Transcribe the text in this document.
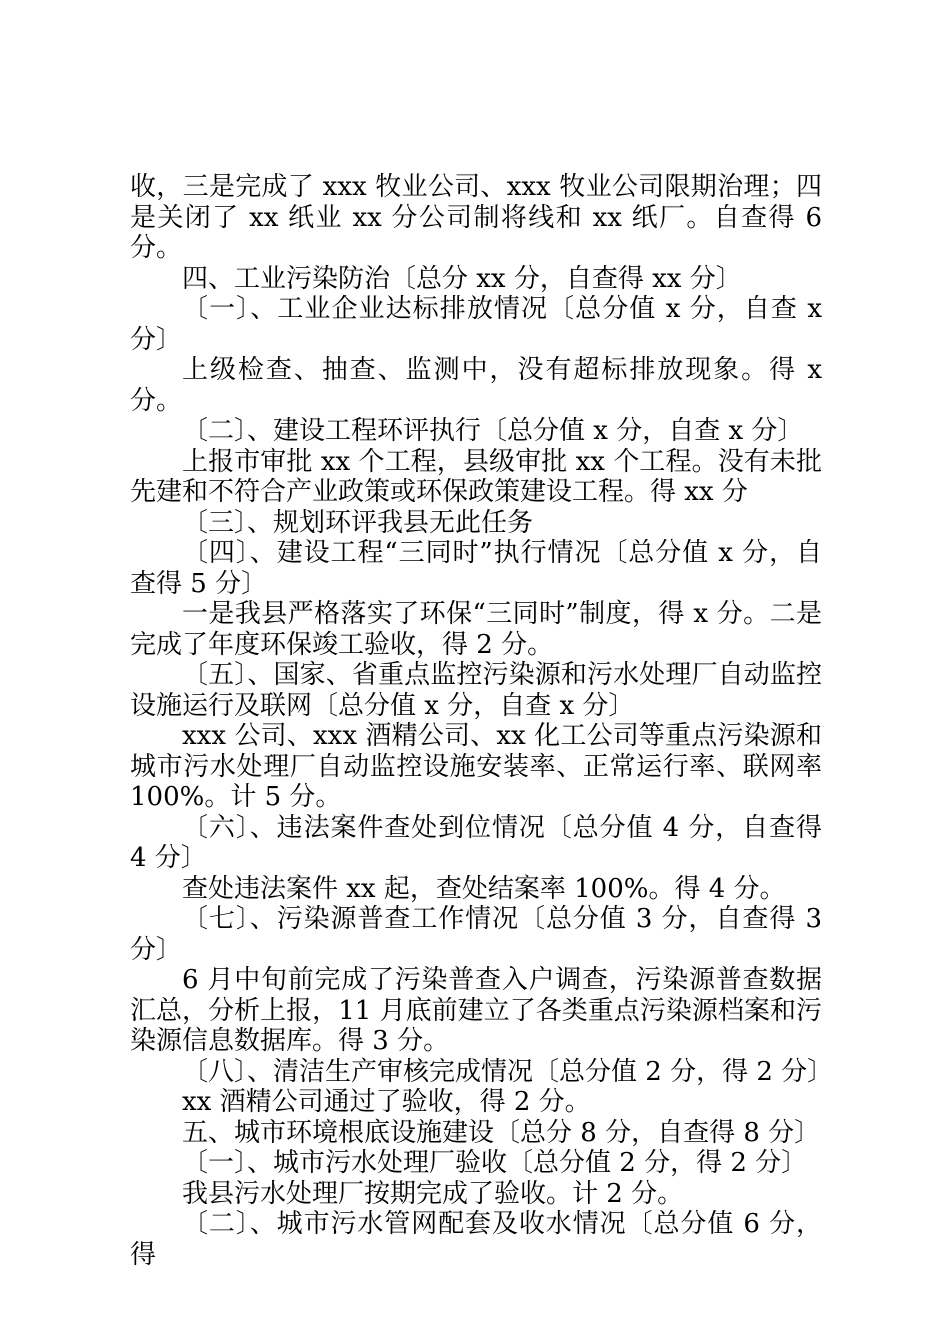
收，三是完成了 xxx 牧业公司、xxx 牧业公司限期治理；四是关闭了 xx 纸业 xx 分公司制将线和 xx 纸厂。自查得 6 分。

四、工业污染防治〔总分 xx 分，自查得 xx 分〕

〔一〕、工业企业达标排放情况〔总分值 x 分，自查 x 分〕

上级检查、抽查、监测中，没有超标排放现象。得 x 分。

〔二〕、建设工程环评执行〔总分值 x 分，自查 x 分〕

上报市审批 xx 个工程，县级审批 xx 个工程。没有未批先建和不符合产业政策或环保政策建设工程。得 xx 分

〔三〕、规划环评我县无此任务

〔四〕、建设工程“三同时”执行情况〔总分值 x 分，自查得 5 分〕

一是我县严格落实了环保“三同时”制度，得 x 分。二是完成了年度环保竣工验收，得 2 分。

〔五〕、国家、省重点监控污染源和污水处理厂自动监控设施运行及联网〔总分值 x 分，自查 x 分〕

xxx 公司、xxx 酒精公司、xx 化工公司等重点污染源和城市污水处理厂自动监控设施安装率、正常运行率、联网率 100%。计 5 分。

〔六〕、违法案件查处到位情况〔总分值 4 分，自查得 4 分〕

查处违法案件 xx 起，查处结案率 100%。得 4 分。

〔七〕、污染源普查工作情况〔总分值 3 分，自查得 3 分〕

6 月中旬前完成了污染普查入户调查，污染源普查数据汇总，分析上报，11 月底前建立了各类重点污染源档案和污染源信息数据库。得 3 分。

〔八〕、清洁生产审核完成情况〔总分值 2 分，得 2 分〕

xx 酒精公司通过了验收，得 2 分。

五、城市环境根底设施建设〔总分 8 分，自查得 8 分〕

〔一〕、城市污水处理厂验收〔总分值 2 分，得 2 分〕

我县污水处理厂按期完成了验收。计 2 分。

〔二〕、城市污水管网配套及收水情况〔总分值 6 分，得
